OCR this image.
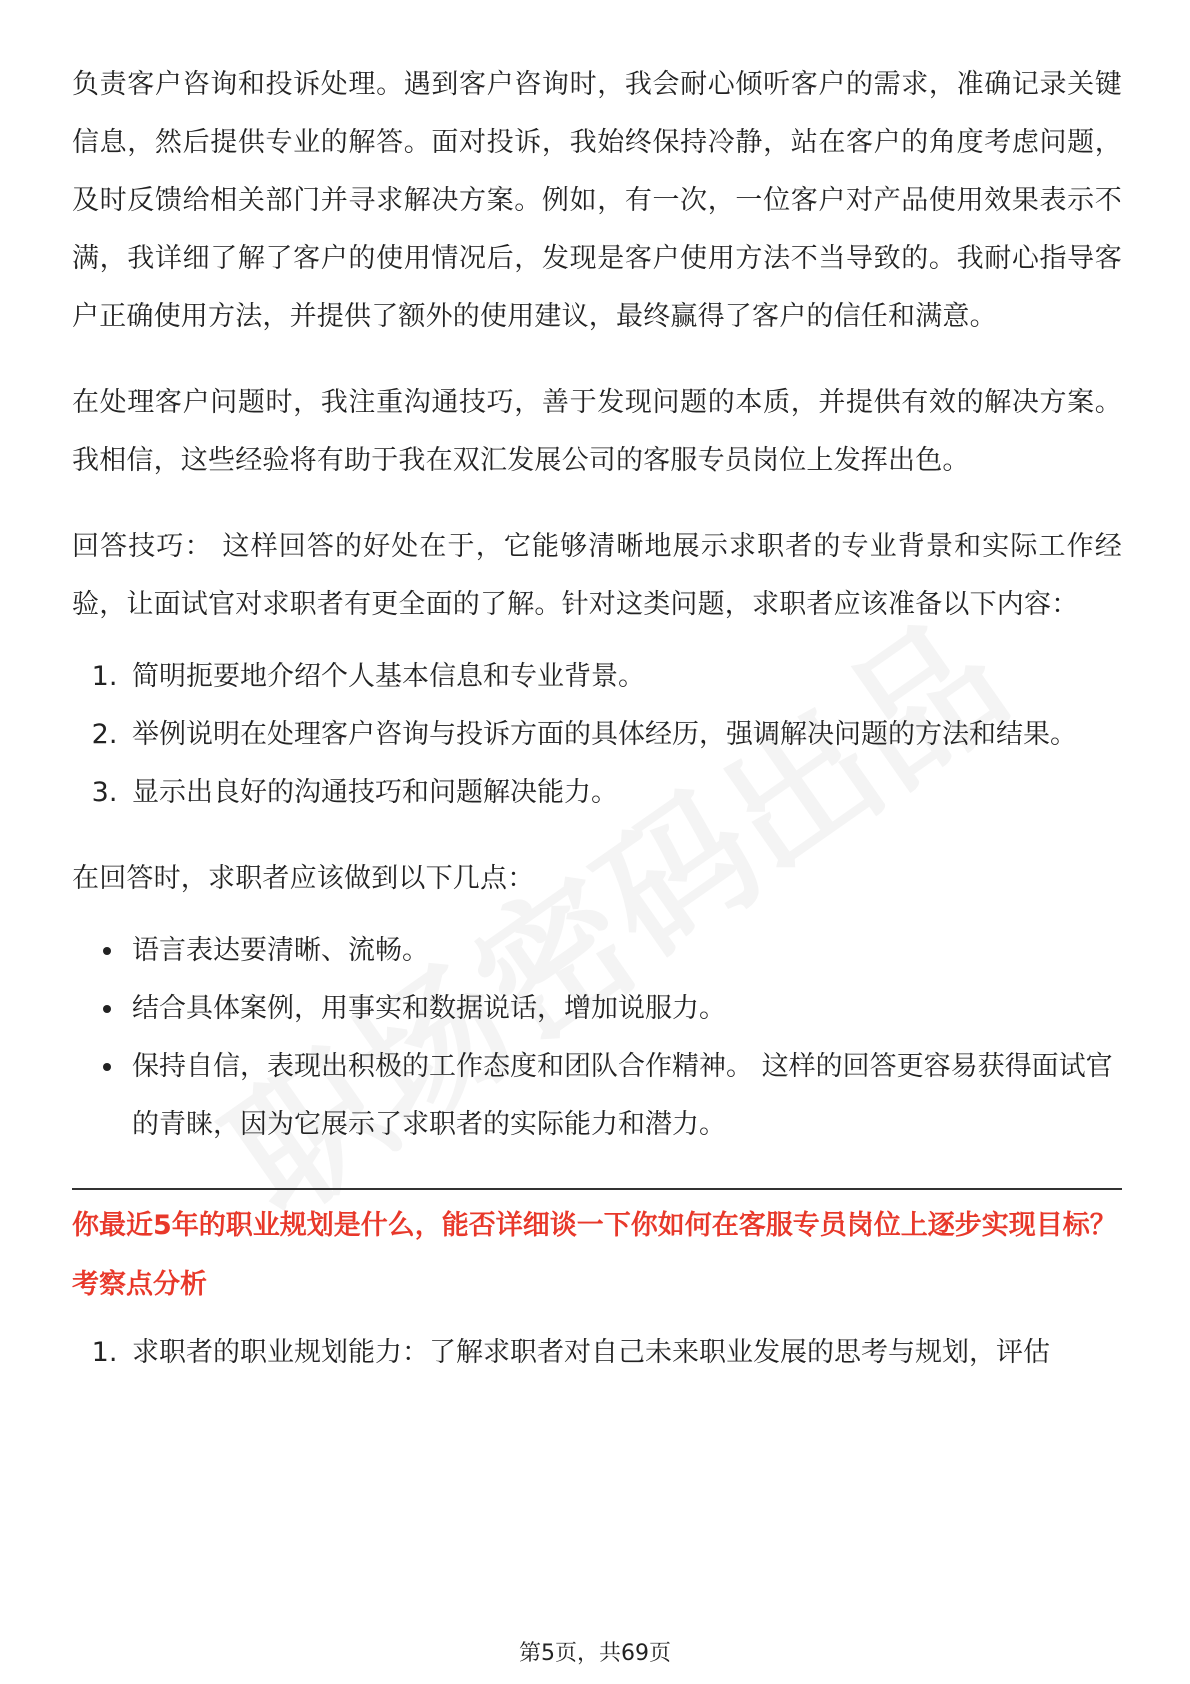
负责客户咨询和投诉处理。遇到客户咨询时，我会耐心倾听客户的需求，准确记录关键信息，然后提供专业的解答。面对投诉，我始终保持冷静，站在客户的角度考虑问题，及时反馈给相关部门并寻求解决方案。例如，有一次，一位客户对产品使用效果表示不满，我详细了解了客户的使用情况后，发现是客户使用方法不当导致的。我耐心指导客户正确使用方法，并提供了额外的使用建议，最终赢得了客户的信任和满意。

在处理客户问题时，我注重沟通技巧，善于发现问题的本质，并提供有效的解决方案。我相信，这些经验将有助于我在双汇发展公司的客服专员岗位上发挥出色。

回答技巧： 这样回答的好处在于，它能够清晰地展示求职者的专业背景和实际工作经验，让面试官对求职者有更全面的了解。针对这类问题，求职者应该准备以下内容：

1. 简明扼要地介绍个人基本信息和专业背景。
2. 举例说明在处理客户咨询与投诉方面的具体经历，强调解决问题的方法和结果。
3. 显示出良好的沟通技巧和问题解决能力。

在回答时，求职者应该做到以下几点：

• 语言表达要清晰、流畅。
• 结合具体案例，用事实和数据说话，增加说服力。
• 保持自信，表现出积极的工作态度和团队合作精神。 这样的回答更容易获得面试官的青睐，因为它展示了求职者的实际能力和潜力。
你最近5年的职业规划是什么，能否详细谈一下你如何在客服专员岗位上逐步实现目标？
考察点分析
1. 求职者的职业规划能力：了解求职者对自己未来职业发展的思考与规划，评估
第5页，共69页
